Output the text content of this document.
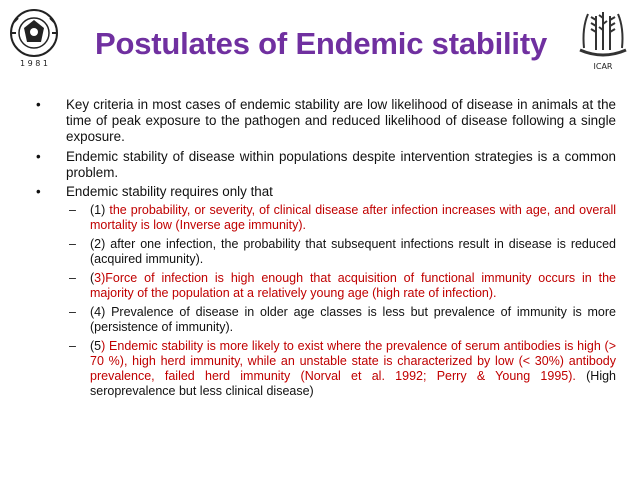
1 9 8 1	ICAR
Postulates of Endemic stability
• Key criteria in most cases of endemic stability are low likelihood of disease in animals at the time of peak exposure to the pathogen and reduced likelihood of disease following a single exposure.
• Endemic stability of disease within populations despite intervention strategies is a common problem.
• Endemic stability requires only that
– (1) the probability, or severity, of clinical disease after infection increases with age, and overall mortality is low (Inverse age immunity).
– (2) after one infection, the probability that subsequent infections result in disease is reduced (acquired immunity).
– (3)Force of infection is high enough that acquisition of functional immunity occurs in the majority of the population at a relatively young age (high rate of infection).
– (4) Prevalence of disease in older age classes is less but prevalence of immunity is more (persistence of immunity).
– (5) Endemic stability is more likely to exist where the prevalence of serum antibodies is high (> 70 %), high herd immunity, while an unstable state is characterized by low (< 30%) antibody prevalence, failed herd immunity (Norval et al. 1992; Perry & Young 1995). (High seroprevalence but less clinical disease)
